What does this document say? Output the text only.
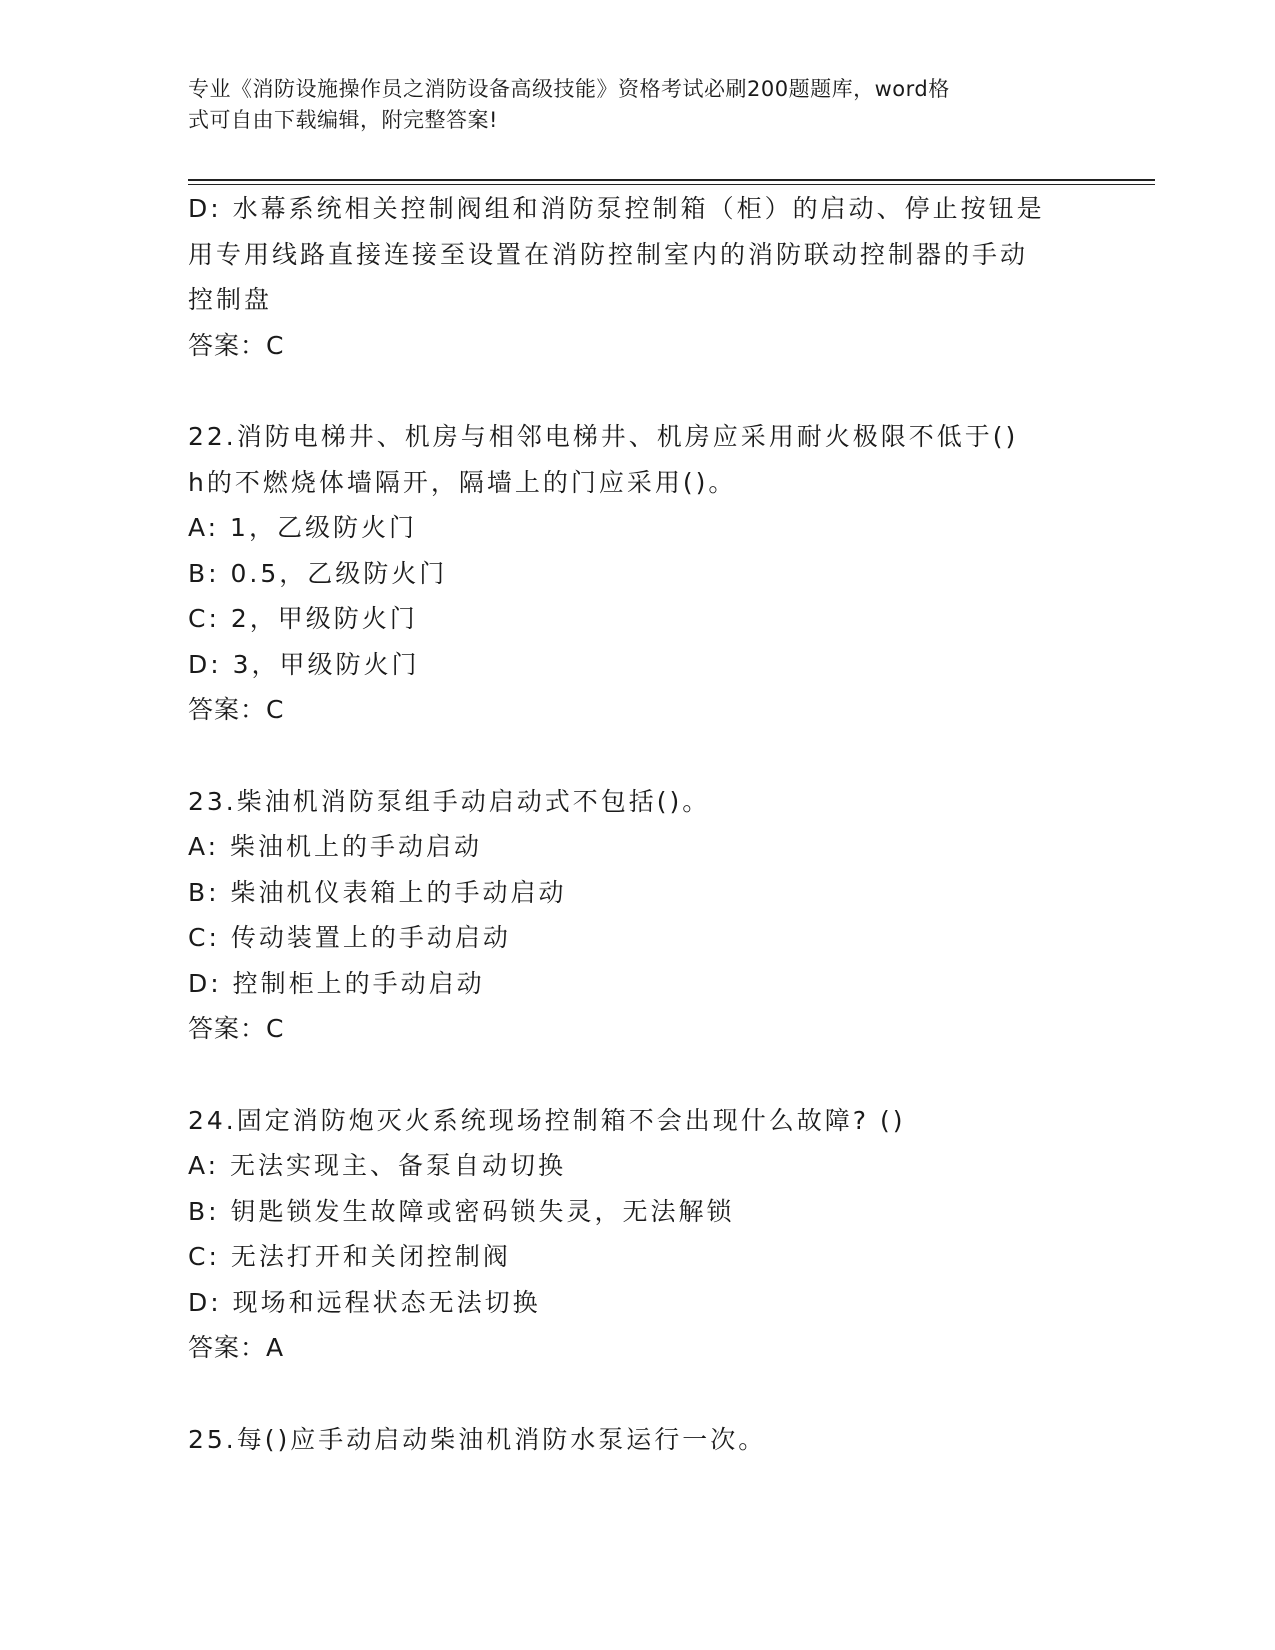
专业《消防设施操作员之消防设备高级技能》资格考试必刷200题题库，word格
式可自由下载编辑，附完整答案!
D: 水幕系统相关控制阀组和消防泵控制箱（柜）的启动、停止按钮是
用专用线路直接连接至设置在消防控制室内的消防联动控制器的手动
控制盘
答案：C
22.消防电梯井、机房与相邻电梯井、机房应采用耐火极限不低于()
h的不燃烧体墙隔开，隔墙上的门应采用()。
A: 1，乙级防火门
B: 0.5，乙级防火门
C: 2，甲级防火门
D: 3，甲级防火门
答案：C
23.柴油机消防泵组手动启动式不包括()。
A: 柴油机上的手动启动
B: 柴油机仪表箱上的手动启动
C: 传动装置上的手动启动
D: 控制柜上的手动启动
答案：C
24.固定消防炮灭火系统现场控制箱不会出现什么故障? ()
A: 无法实现主、备泵自动切换
B: 钥匙锁发生故障或密码锁失灵，无法解锁
C: 无法打开和关闭控制阀
D: 现场和远程状态无法切换
答案：A
25.每()应手动启动柴油机消防水泵运行一次。
